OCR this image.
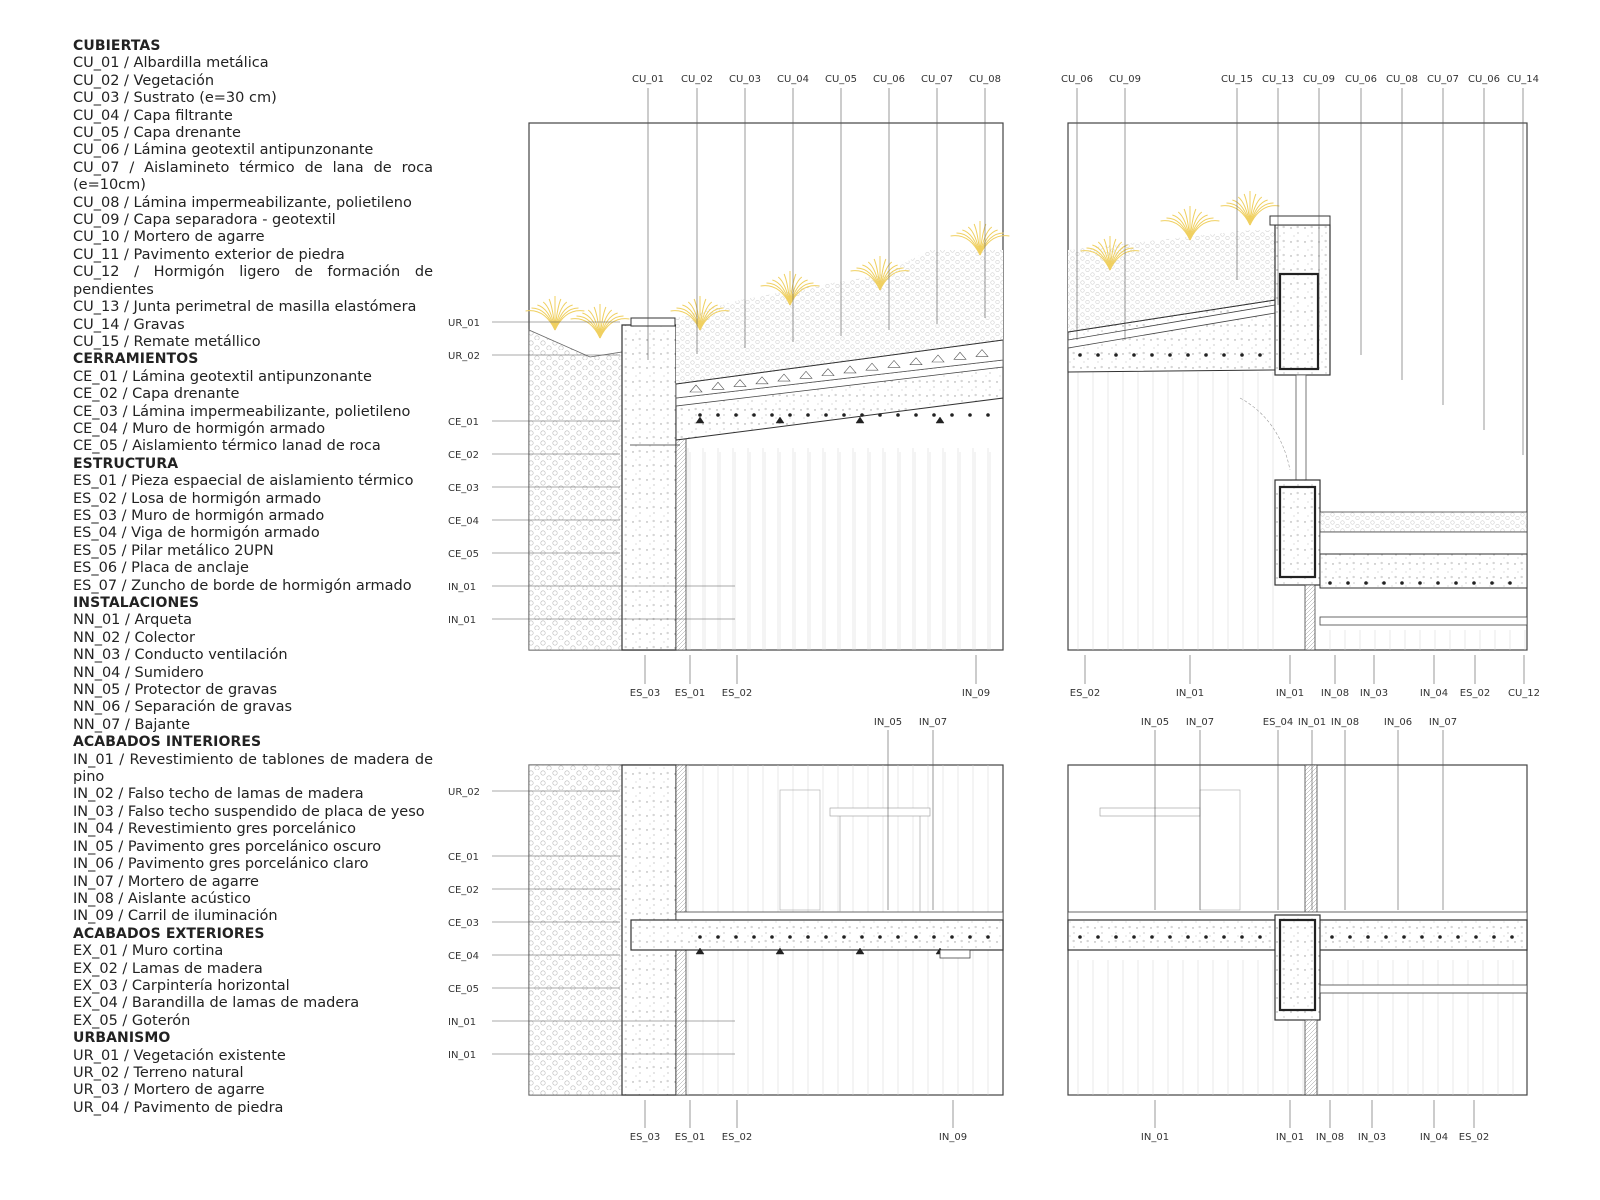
CUBIERTAS
CU_01 / Albardilla metálica
CU_02 / Vegetación
CU_03 / Sustrato (e=30 cm)
CU_04 / Capa filtrante
CU_05 / Capa drenante
CU_06 / Lámina geotextil antipunzonante
CU_07 / Aislamineto térmico de lana de roca (e=10cm)
CU_08 / Lámina impermeabilizante, polietileno
CU_09 / Capa separadora - geotextil
CU_10 / Mortero de agarre
CU_11 / Pavimento exterior de piedra
CU_12 / Hormigón ligero de formación de pendientes
CU_13 / Junta perimetral de masilla elastómera
CU_14 / Gravas
CU_15 / Remate metállico
CERRAMIENTOS
CE_01 / Lámina geotextil antipunzonante
CE_02 / Capa drenante
CE_03 / Lámina impermeabilizante, polietileno
CE_04 / Muro de hormigón armado
CE_05 / Aislamiento térmico lanad de roca
ESTRUCTURA
ES_01 / Pieza espaecial de aislamiento térmico
ES_02 / Losa de hormigón armado
ES_03 / Muro de hormigón armado
ES_04 / Viga de hormigón armado
ES_05 / Pilar metálico 2UPN
ES_06 / Placa de anclaje
ES_07 / Zuncho de borde de hormigón armado
INSTALACIONES
NN_01 / Arqueta
NN_02 / Colector
NN_03 / Conducto ventilación
NN_04 / Sumidero
NN_05 / Protector de gravas
NN_06 / Separación de gravas
NN_07 / Bajante
ACABADOS INTERIORES
IN_01 / Revestimiento de tablones de madera de pino
IN_02 / Falso techo de lamas de madera
IN_03 / Falso techo suspendido de placa de yeso
IN_04 / Revestimiento gres porcelánico
IN_05 / Pavimento gres porcelánico oscuro
IN_06 / Pavimento gres porcelánico claro
IN_07 / Mortero de agarre
IN_08 / Aislante acústico
IN_09 / Carril de iluminación
ACABADOS EXTERIORES
EX_01 / Muro cortina
EX_02 / Lamas de madera
EX_03 / Carpintería horizontal
EX_04 / Barandilla de lamas de madera
EX_05 / Goterón
URBANISMO
UR_01 / Vegetación existente
UR_02 / Terreno natural
UR_03 / Mortero de agarre
UR_04 / Pavimento de piedra
CU_01 CU_02 CU_03 CU_04 CU_05 CU_06 CU_07 CU_08
UR_01
UR_02
CE_01
CE_02
CE_03
CE_04
CE_05
IN_01
IN_01
ES_03 ES_01 ES_02	IN_09
CU_06 CU_09	CU_15 CU_13 CU_09 CU_06 CU_08 CU_07 CU_06 CU_14
ES_02	IN_01	IN_01 IN_08 IN_03	IN_04 ES_02 CU_12
IN_05 IN_07
UR_02
CE_01
CE_02
CE_03
CE_04
CE_05
IN_01
IN_01
ES_03 ES_01 ES_02	IN_09
IN_05 IN_07	ES_04 IN_01 IN_08 IN_06 IN_07
IN_01	IN_01 IN_08 IN_03	IN_04 ES_02
